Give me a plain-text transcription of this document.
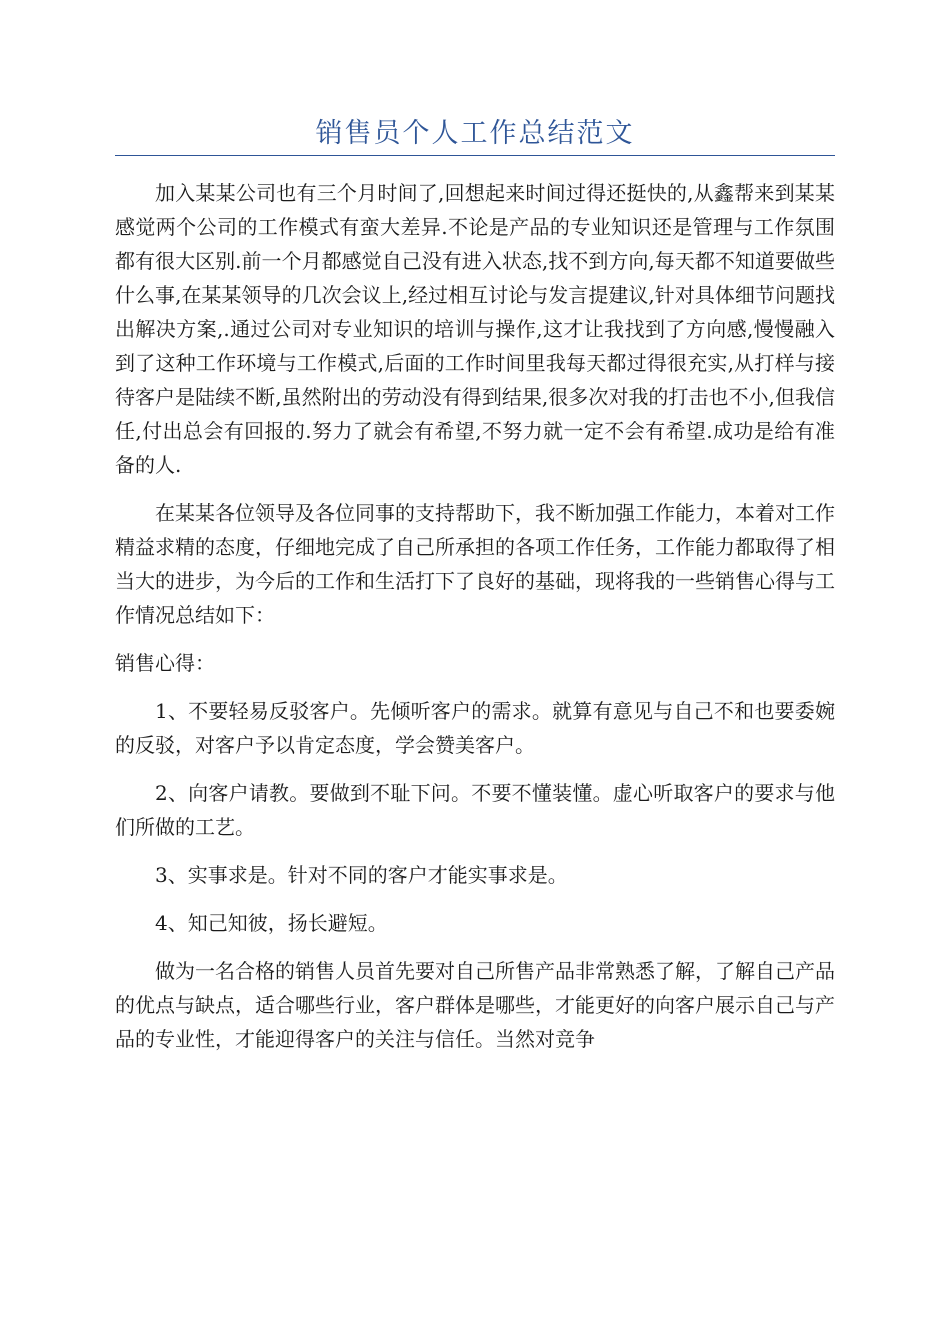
销售员个人工作总结范文

加入某某公司也有三个月时间了,回想起来时间过得还挺快的,从鑫帮来到某某感觉两个公司的工作模式有蛮大差异.不论是产品的专业知识还是管理与工作氛围都有很大区别.前一个月都感觉自己没有进入状态,找不到方向,每天都不知道要做些什么事,在某某领导的几次会议上,经过相互讨论与发言提建议,针对具体细节问题找出解决方案,.通过公司对专业知识的培训与操作,这才让我找到了方向感,慢慢融入到了这种工作环境与工作模式,后面的工作时间里我每天都过得很充实,从打样与接待客户是陆续不断,虽然附出的劳动没有得到结果,很多次对我的打击也不小,但我信任,付出总会有回报的.努力了就会有希望,不努力就一定不会有希望.成功是给有准备的人.

在某某各位领导及各位同事的支持帮助下，我不断加强工作能力，本着对工作精益求精的态度，仔细地完成了自己所承担的各项工作任务，工作能力都取得了相当大的进步，为今后的工作和生活打下了良好的基础，现将我的一些销售心得与工作情况总结如下：

销售心得：

1、不要轻易反驳客户。先倾听客户的需求。就算有意见与自己不和也要委婉的反驳，对客户予以肯定态度，学会赞美客户。

2、向客户请教。要做到不耻下问。不要不懂装懂。虚心听取客户的要求与他们所做的工艺。

3、实事求是。针对不同的客户才能实事求是。

4、知己知彼，扬长避短。

做为一名合格的销售人员首先要对自己所售产品非常熟悉了解，了解自己产品的优点与缺点，适合哪些行业，客户群体是哪些，才能更好的向客户展示自己与产品的专业性，才能迎得客户的关注与信任。当然对竞争
